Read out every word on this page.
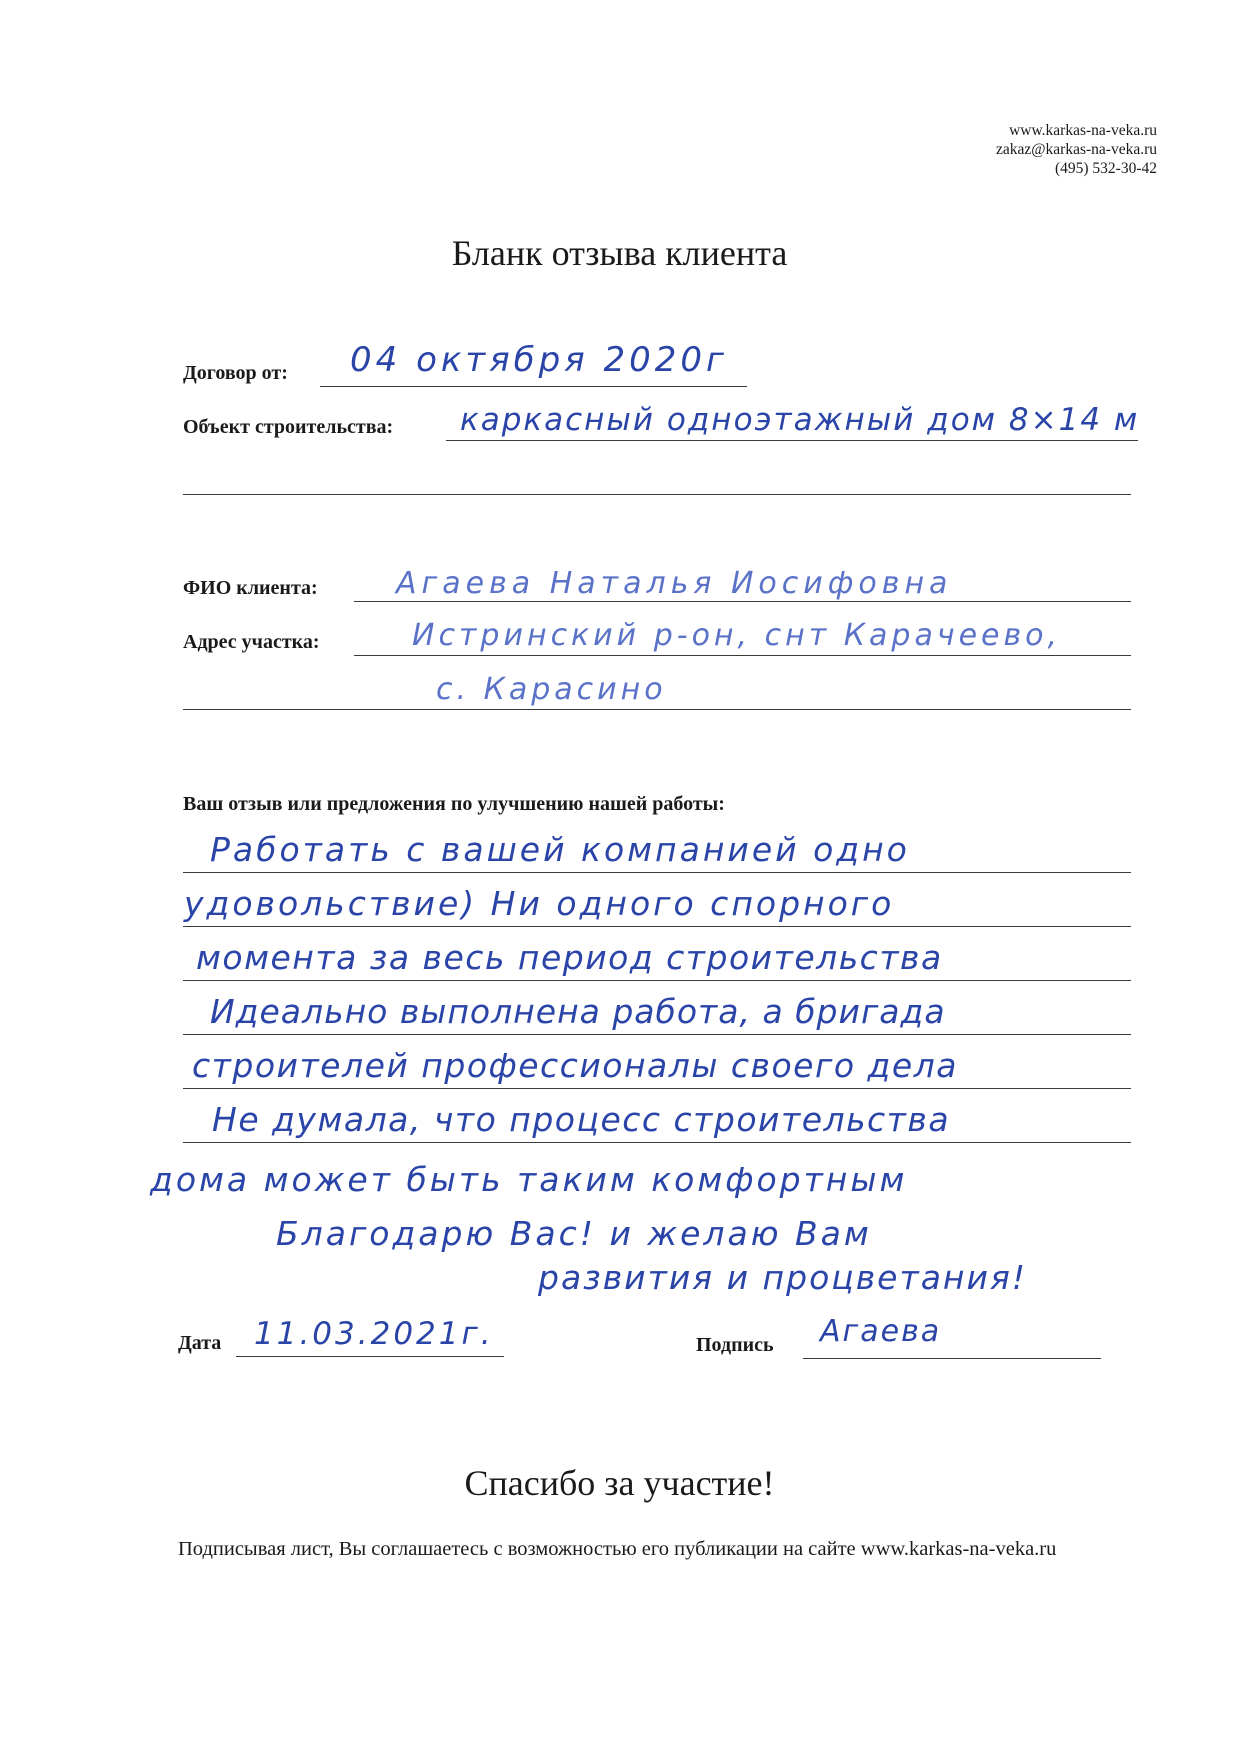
www.karkas-na-veka.ru
zakaz@karkas-na-veka.ru
(495) 532-30-42
Бланк отзыва клиента
Договор от: 04 октября 2020г
Объект строительства: каркасный одноэтажный дом 8×14 м
ФИО клиента:	Агаева Наталья Иосифовна
Адрес участка:	Истринский р-он, снт Карачеево,
с. Карасино
Ваш отзыв или предложения по улучшению нашей работы:
Работать с вашей компанией одно
удовольствие) Ни одного спорного
момента за весь период строительства
Идеально выполнена работа, а бригада
строителей профессионалы своего дела
Не думала, что процесс строительства
дома может быть таким комфортным
Благодарю Вас! и желаю Вам
развития и процветания!
Дата 11.03.2021г.	Подпись Агаева
Спасибо за участие!
Подписывая лист, Вы соглашаетесь с возможностью его публикации на сайте www.karkas-na-veka.ru
